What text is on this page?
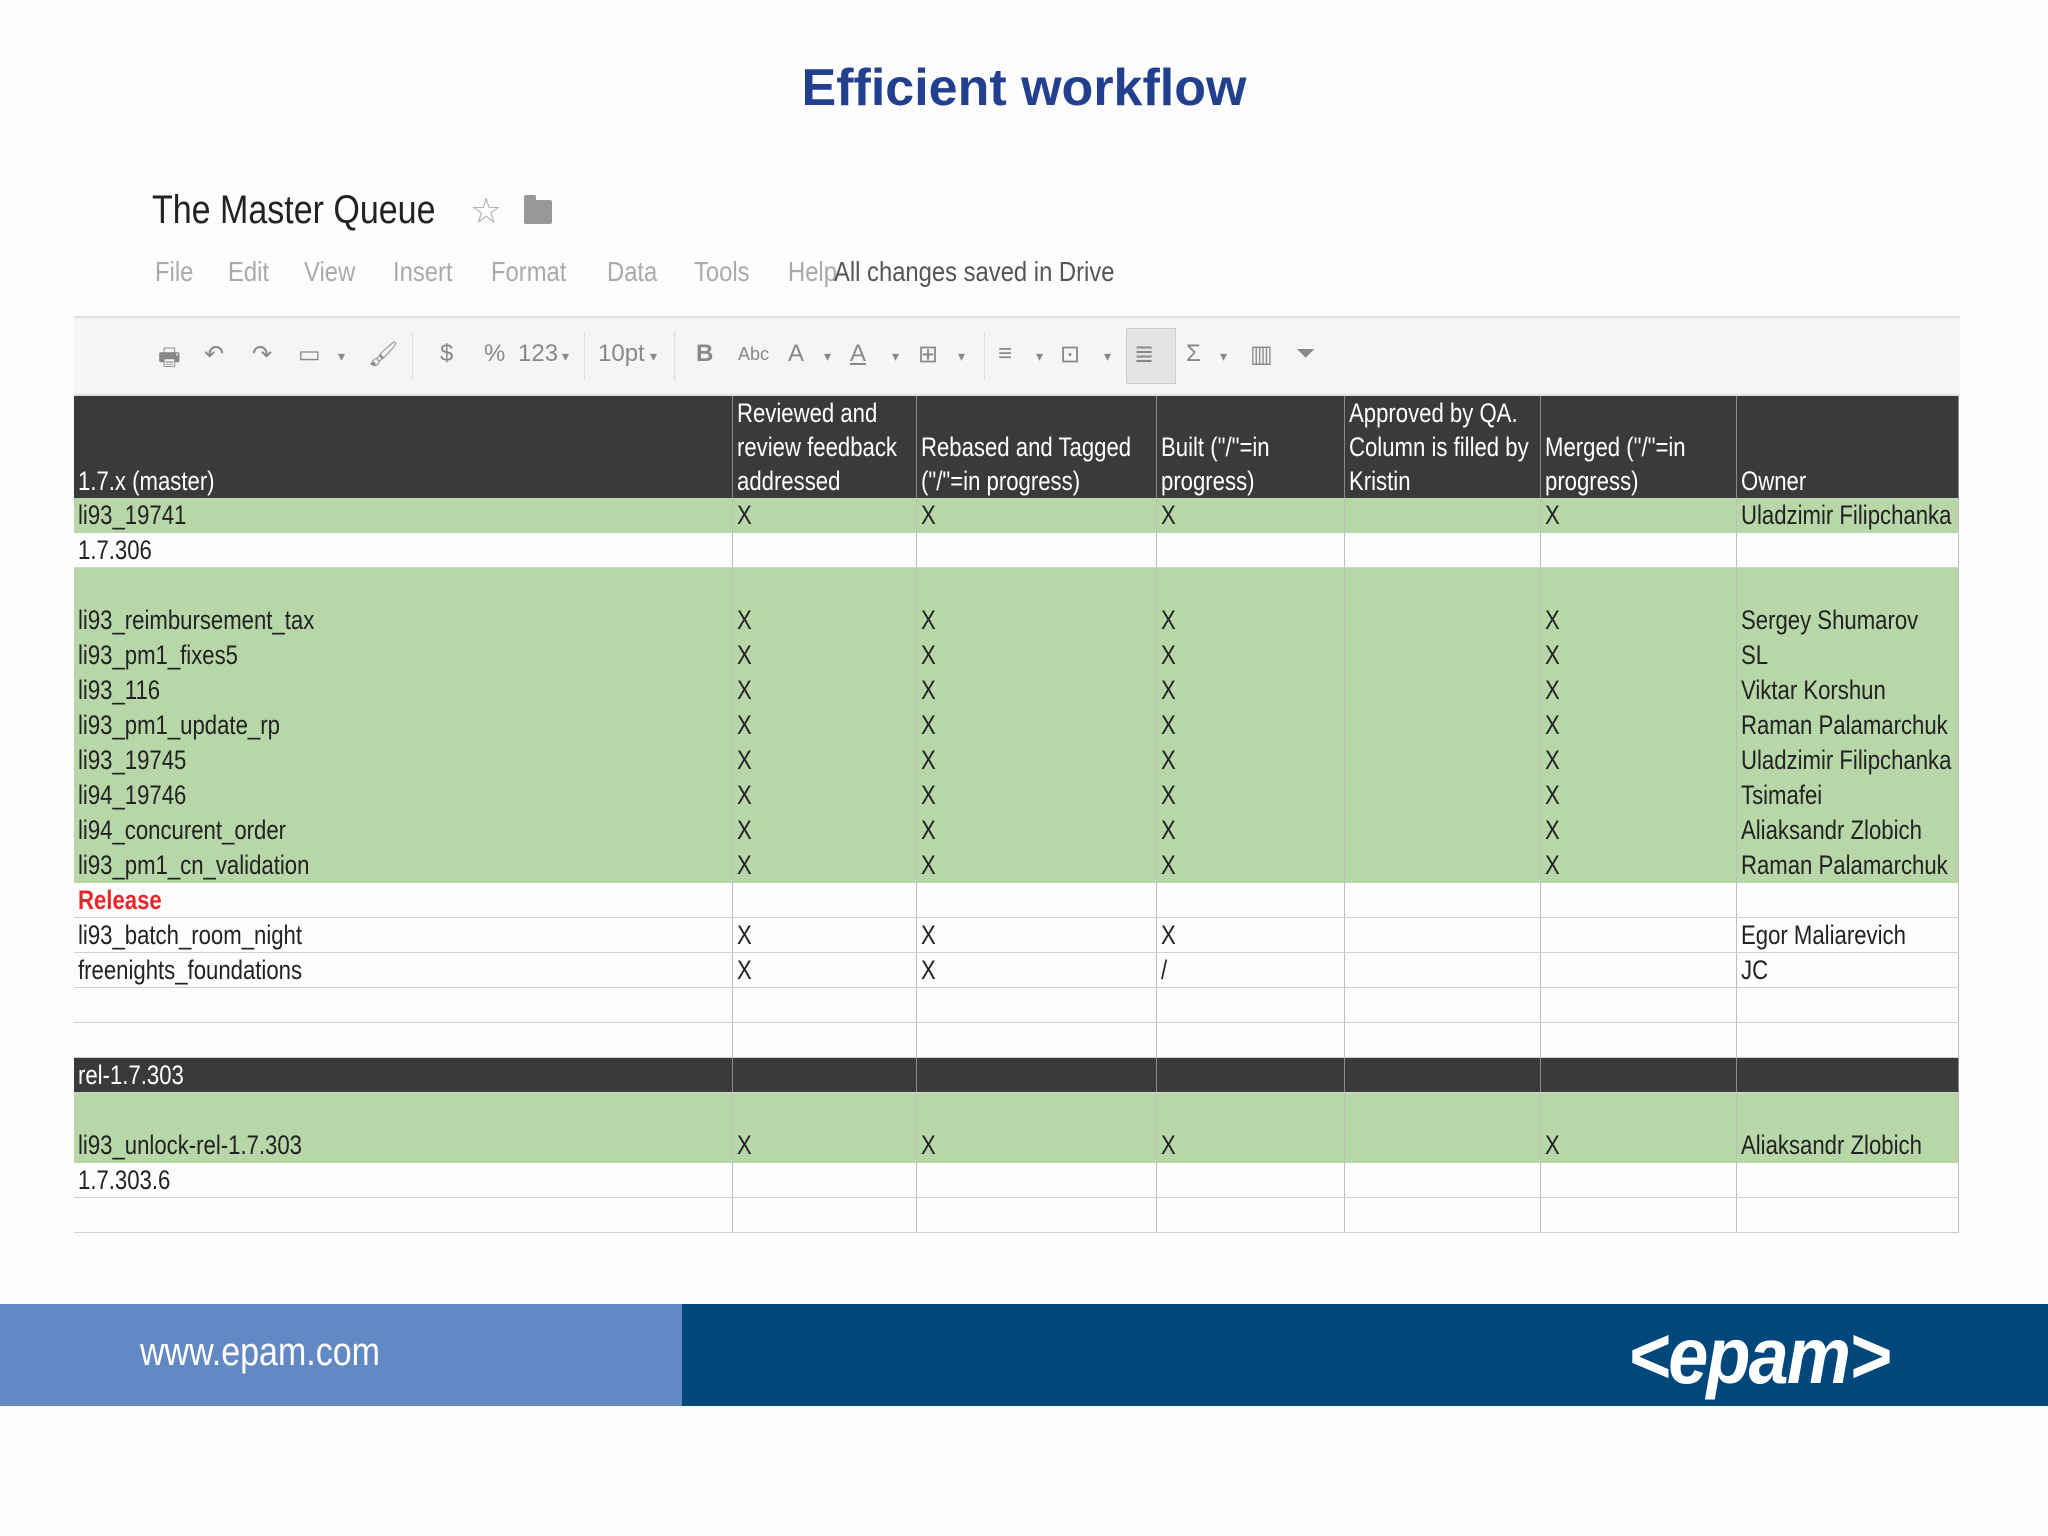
Efficient workflow
The Master Queue ☆
File Edit View Insert Format Data Tools Help
All changes saved in Drive
🖶 ↶ ↷ ▭ ▾ 🖌 $ % 123 ▾ 10pt ▾ B Abc A ▾ A ▾ ⊞ ▾ ≡ ▾ ⊡ ▾ ≣ Σ ▾ ▥ ⏷
1.7.x (master)	Reviewed and review feedback addressed	Rebased and Tagged ("/"=in progress)	Built ("/"=in progress)	Approved by QA. Column is filled by Kristin	Merged ("/"=in progress)	Owner

li93_19741	X	X	X		X	Uladzimir Filipchanka
1.7.306						

li93_reimbursement_tax	X	X	X		X	Sergey Shumarov
li93_pm1_fixes5	X	X	X		X	SL
li93_116	X	X	X		X	Viktar Korshun
li93_pm1_update_rp	X	X	X		X	Raman Palamarchuk
li93_19745	X	X	X		X	Uladzimir Filipchanka
li94_19746	X	X	X		X	Tsimafei
li94_concurent_order	X	X	X		X	Aliaksandr Zlobich
li93_pm1_cn_validation	X	X	X		X	Raman Palamarchuk
Release						
li93_batch_room_night	X	X	X			Egor Maliarevich
freenights_foundations	X	X	/			JC

rel-1.7.303						

li93_unlock-rel-1.7.303	X	X	X		X	Aliaksandr Zlobich
1.7.303.6						

www.epam.com	<epam>
